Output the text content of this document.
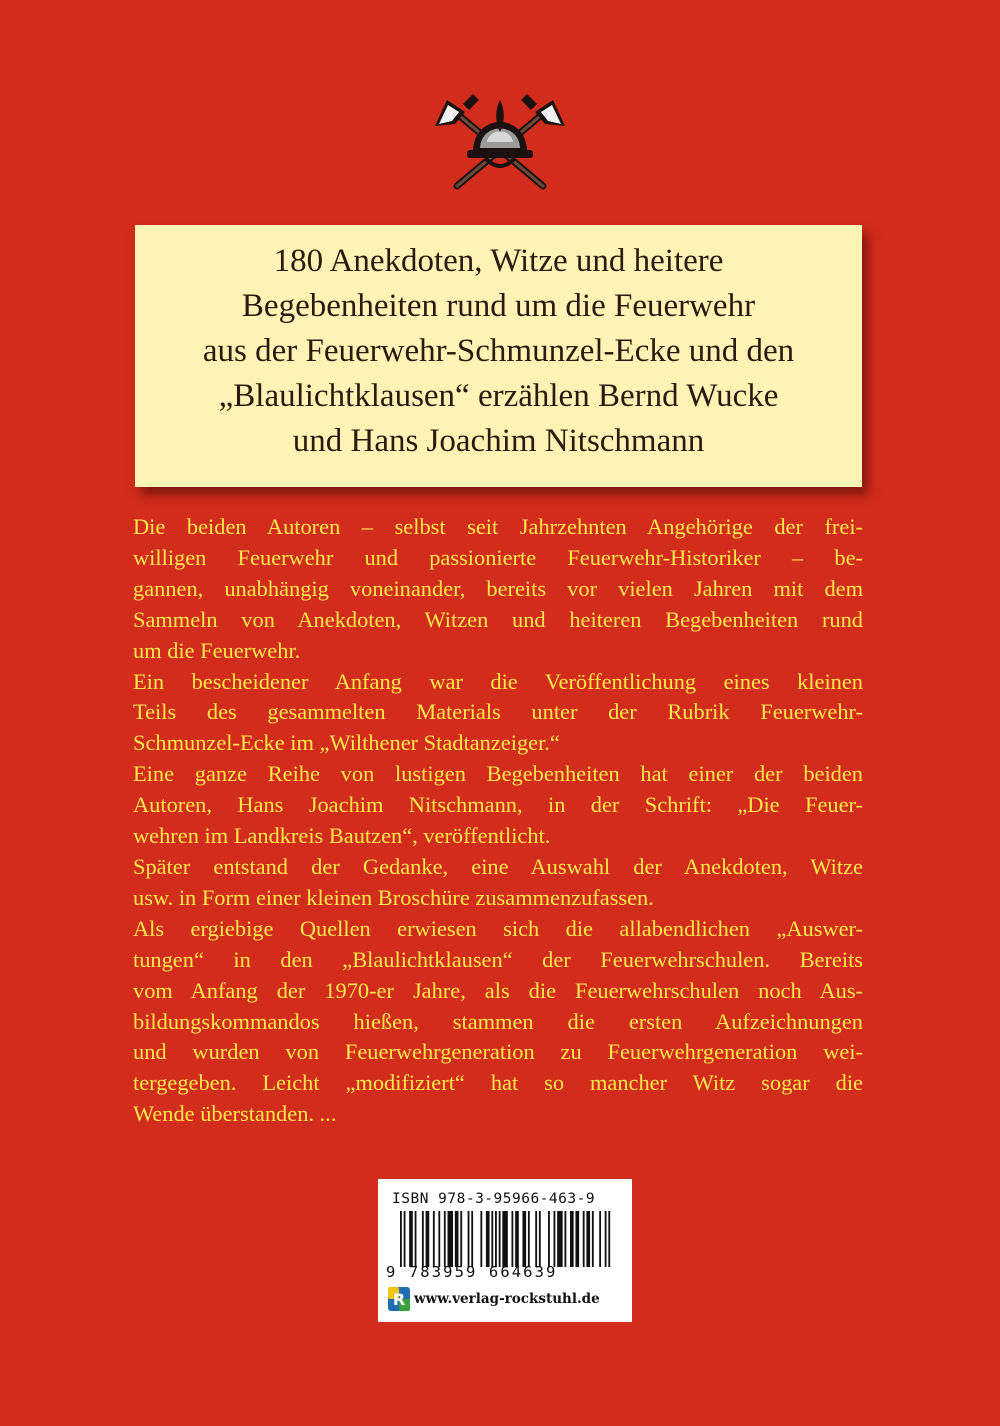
180 Anekdoten, Witze und heitere
Begebenheiten rund um die Feuerwehr
aus der Feuerwehr-Schmunzel-Ecke und den
„Blaulichtklausen“ erzählen Bernd Wucke
und Hans Joachim Nitschmann
Die beiden Autoren – selbst seit Jahrzehnten Angehörige der frei-
willigen Feuerwehr und passionierte Feuerwehr-Historiker – be-
gannen, unabhängig voneinander, bereits vor vielen Jahren mit dem
Sammeln von Anekdoten, Witzen und heiteren Begebenheiten rund
um die Feuerwehr.
Ein bescheidener Anfang war die Veröffentlichung eines kleinen
Teils des gesammelten Materials unter der Rubrik Feuerwehr-
Schmunzel-Ecke im „Wilthener Stadtanzeiger.“
Eine ganze Reihe von lustigen Begebenheiten hat einer der beiden
Autoren, Hans Joachim Nitschmann, in der Schrift: „Die Feuer-
wehren im Landkreis Bautzen“, veröffentlicht.
Später entstand der Gedanke, eine Auswahl der Anekdoten, Witze
usw. in Form einer kleinen Broschüre zusammenzufassen.
Als ergiebige Quellen erwiesen sich die allabendlichen „Auswer-
tungen“ in den „Blaulichtklausen“ der Feuerwehrschulen. Bereits
vom Anfang der 1970-er Jahre, als die Feuerwehrschulen noch Aus-
bildungskommandos hießen, stammen die ersten Aufzeichnungen
und wurden von Feuerwehrgeneration zu Feuerwehrgeneration wei-
tergegeben. Leicht „modifiziert“ hat so mancher Witz sogar die
Wende überstanden. ...
ISBN 978-3-95966-463-9
9 783959 664639
R www.verlag-rockstuhl.de
